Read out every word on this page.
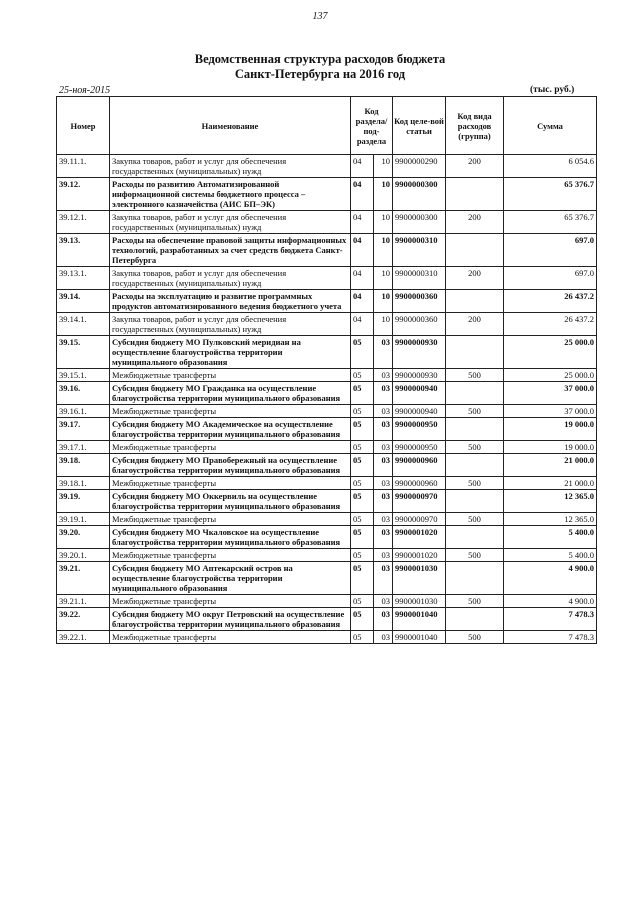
137
Ведомственная структура расходов бюджета
Санкт-Петербурга на 2016 год
25-ноя-2015	(тыс. руб.)
Номер	Наименование	Код раздела/ под-раздела		Код целе-вой статьи	Код вида расходов (группа)	Сумма
39.11.1.	Закупка товаров, работ и услуг для обеспечения государственных (муниципальных) нужд	04	10	9900000290	200	6 054.6
39.12.	Расходы по развитию Автоматизированной информационной системы бюджетного процесса – электронного казначейства (АИС БП–ЭК)	04	10	9900000300		65 376.7
39.12.1.	Закупка товаров, работ и услуг для обеспечения государственных (муниципальных) нужд	04	10	9900000300	200	65 376.7
39.13.	Расходы на обеспечение правовой защиты информационных технологий, разработанных за счет средств бюджета Санкт-Петербурга	04	10	9900000310		697.0
39.13.1.	Закупка товаров, работ и услуг для обеспечения государственных (муниципальных) нужд	04	10	9900000310	200	697.0
39.14.	Расходы на эксплуатацию и развитие программных продуктов автоматизированного ведения бюджетного учета	04	10	9900000360		26 437.2
39.14.1.	Закупка товаров, работ и услуг для обеспечения государственных (муниципальных) нужд	04	10	9900000360	200	26 437.2
39.15.	Субсидия бюджету МО Пулковский меридиан на осуществление благоустройства территории муниципального образования	05	03	9900000930		25 000.0
39.15.1.	Межбюджетные трансферты	05	03	9900000930	500	25 000.0
39.16.	Субсидия бюджету МО Гражданка на осуществление благоустройства территории муниципального образования	05	03	9900000940		37 000.0
39.16.1.	Межбюджетные трансферты	05	03	9900000940	500	37 000.0
39.17.	Субсидия бюджету МО Академическое на осуществление благоустройства территории муниципального образования	05	03	9900000950		19 000.0
39.17.1.	Межбюджетные трансферты	05	03	9900000950	500	19 000.0
39.18.	Субсидия бюджету МО Правобережный на осуществление благоустройства территории муниципального образования	05	03	9900000960		21 000.0
39.18.1.	Межбюджетные трансферты	05	03	9900000960	500	21 000.0
39.19.	Субсидия бюджету МО Оккервиль на осуществление благоустройства территории муниципального образования	05	03	9900000970		12 365.0
39.19.1.	Межбюджетные трансферты	05	03	9900000970	500	12 365.0
39.20.	Субсидия бюджету МО Чкаловское на осуществление благоустройства территории муниципального образования	05	03	9900001020		5 400.0
39.20.1.	Межбюджетные трансферты	05	03	9900001020	500	5 400.0
39.21.	Субсидия бюджету МО Аптекарский остров на осуществление благоустройства территории муниципального образования	05	03	9900001030		4 900.0
39.21.1.	Межбюджетные трансферты	05	03	9900001030	500	4 900.0
39.22.	Субсидия бюджету МО округ Петровский на осуществление благоустройства территории муниципального образования	05	03	9900001040		7 478.3
39.22.1.	Межбюджетные трансферты	05	03	9900001040	500	7 478.3
